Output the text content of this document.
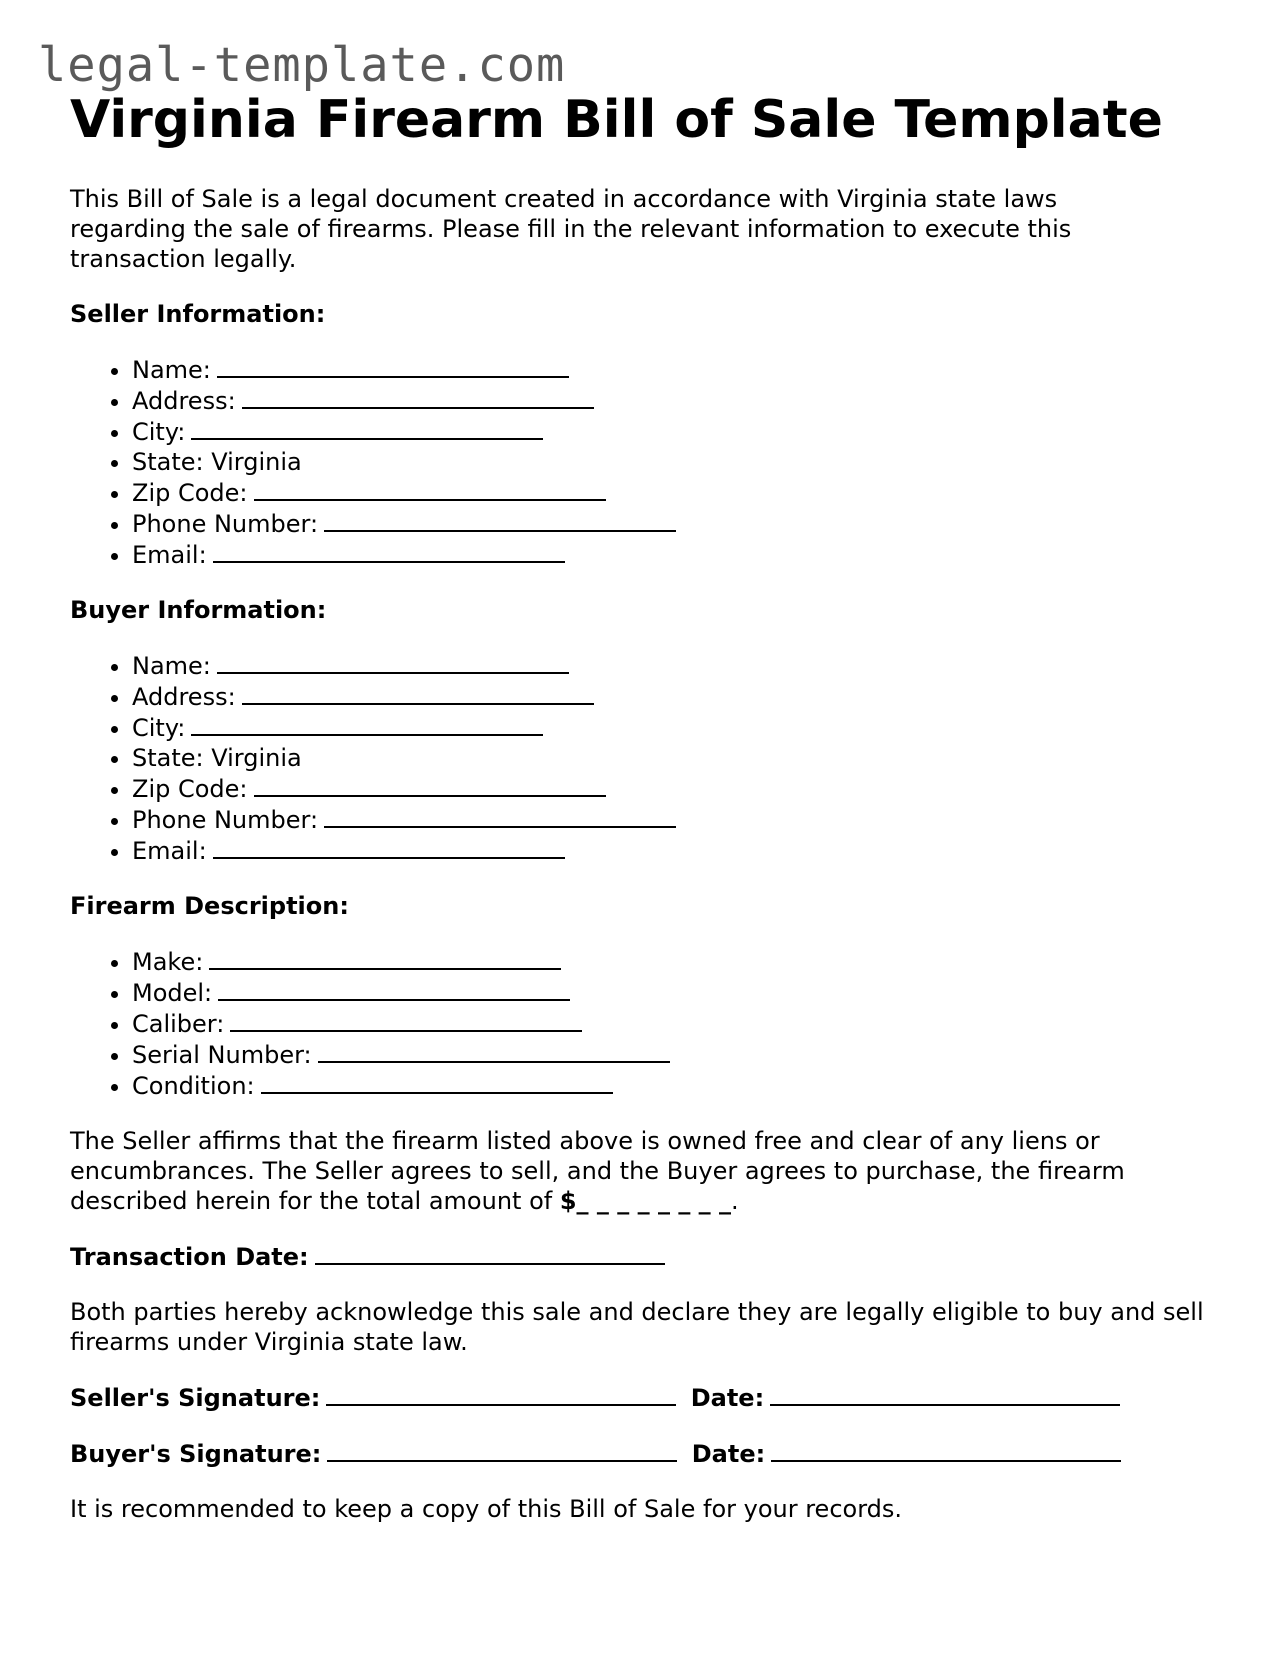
legal-template.com
Virginia Firearm Bill of Sale Template

This Bill of Sale is a legal document created in accordance with Virginia state laws regarding the sale of firearms. Please fill in the relevant information to execute this transaction legally.

Seller Information:

• Name:
• Address:
• City:
• State: Virginia
• Zip Code:
• Phone Number:
• Email:

Buyer Information:

• Name:
• Address:
• City:
• State: Virginia
• Zip Code:
• Phone Number:
• Email:

Firearm Description:

• Make:
• Model:
• Caliber:
• Serial Number:
• Condition:

The Seller affirms that the firearm listed above is owned free and clear of any liens or encumbrances. The Seller agrees to sell, and the Buyer agrees to purchase, the firearm described herein for the total amount of $_ _ _ _ _ _ _ _.

Transaction Date:

Both parties hereby acknowledge this sale and declare they are legally eligible to buy and sell firearms under Virginia state law.

Seller's Signature:	Date:

Buyer's Signature:	Date:

It is recommended to keep a copy of this Bill of Sale for your records.
